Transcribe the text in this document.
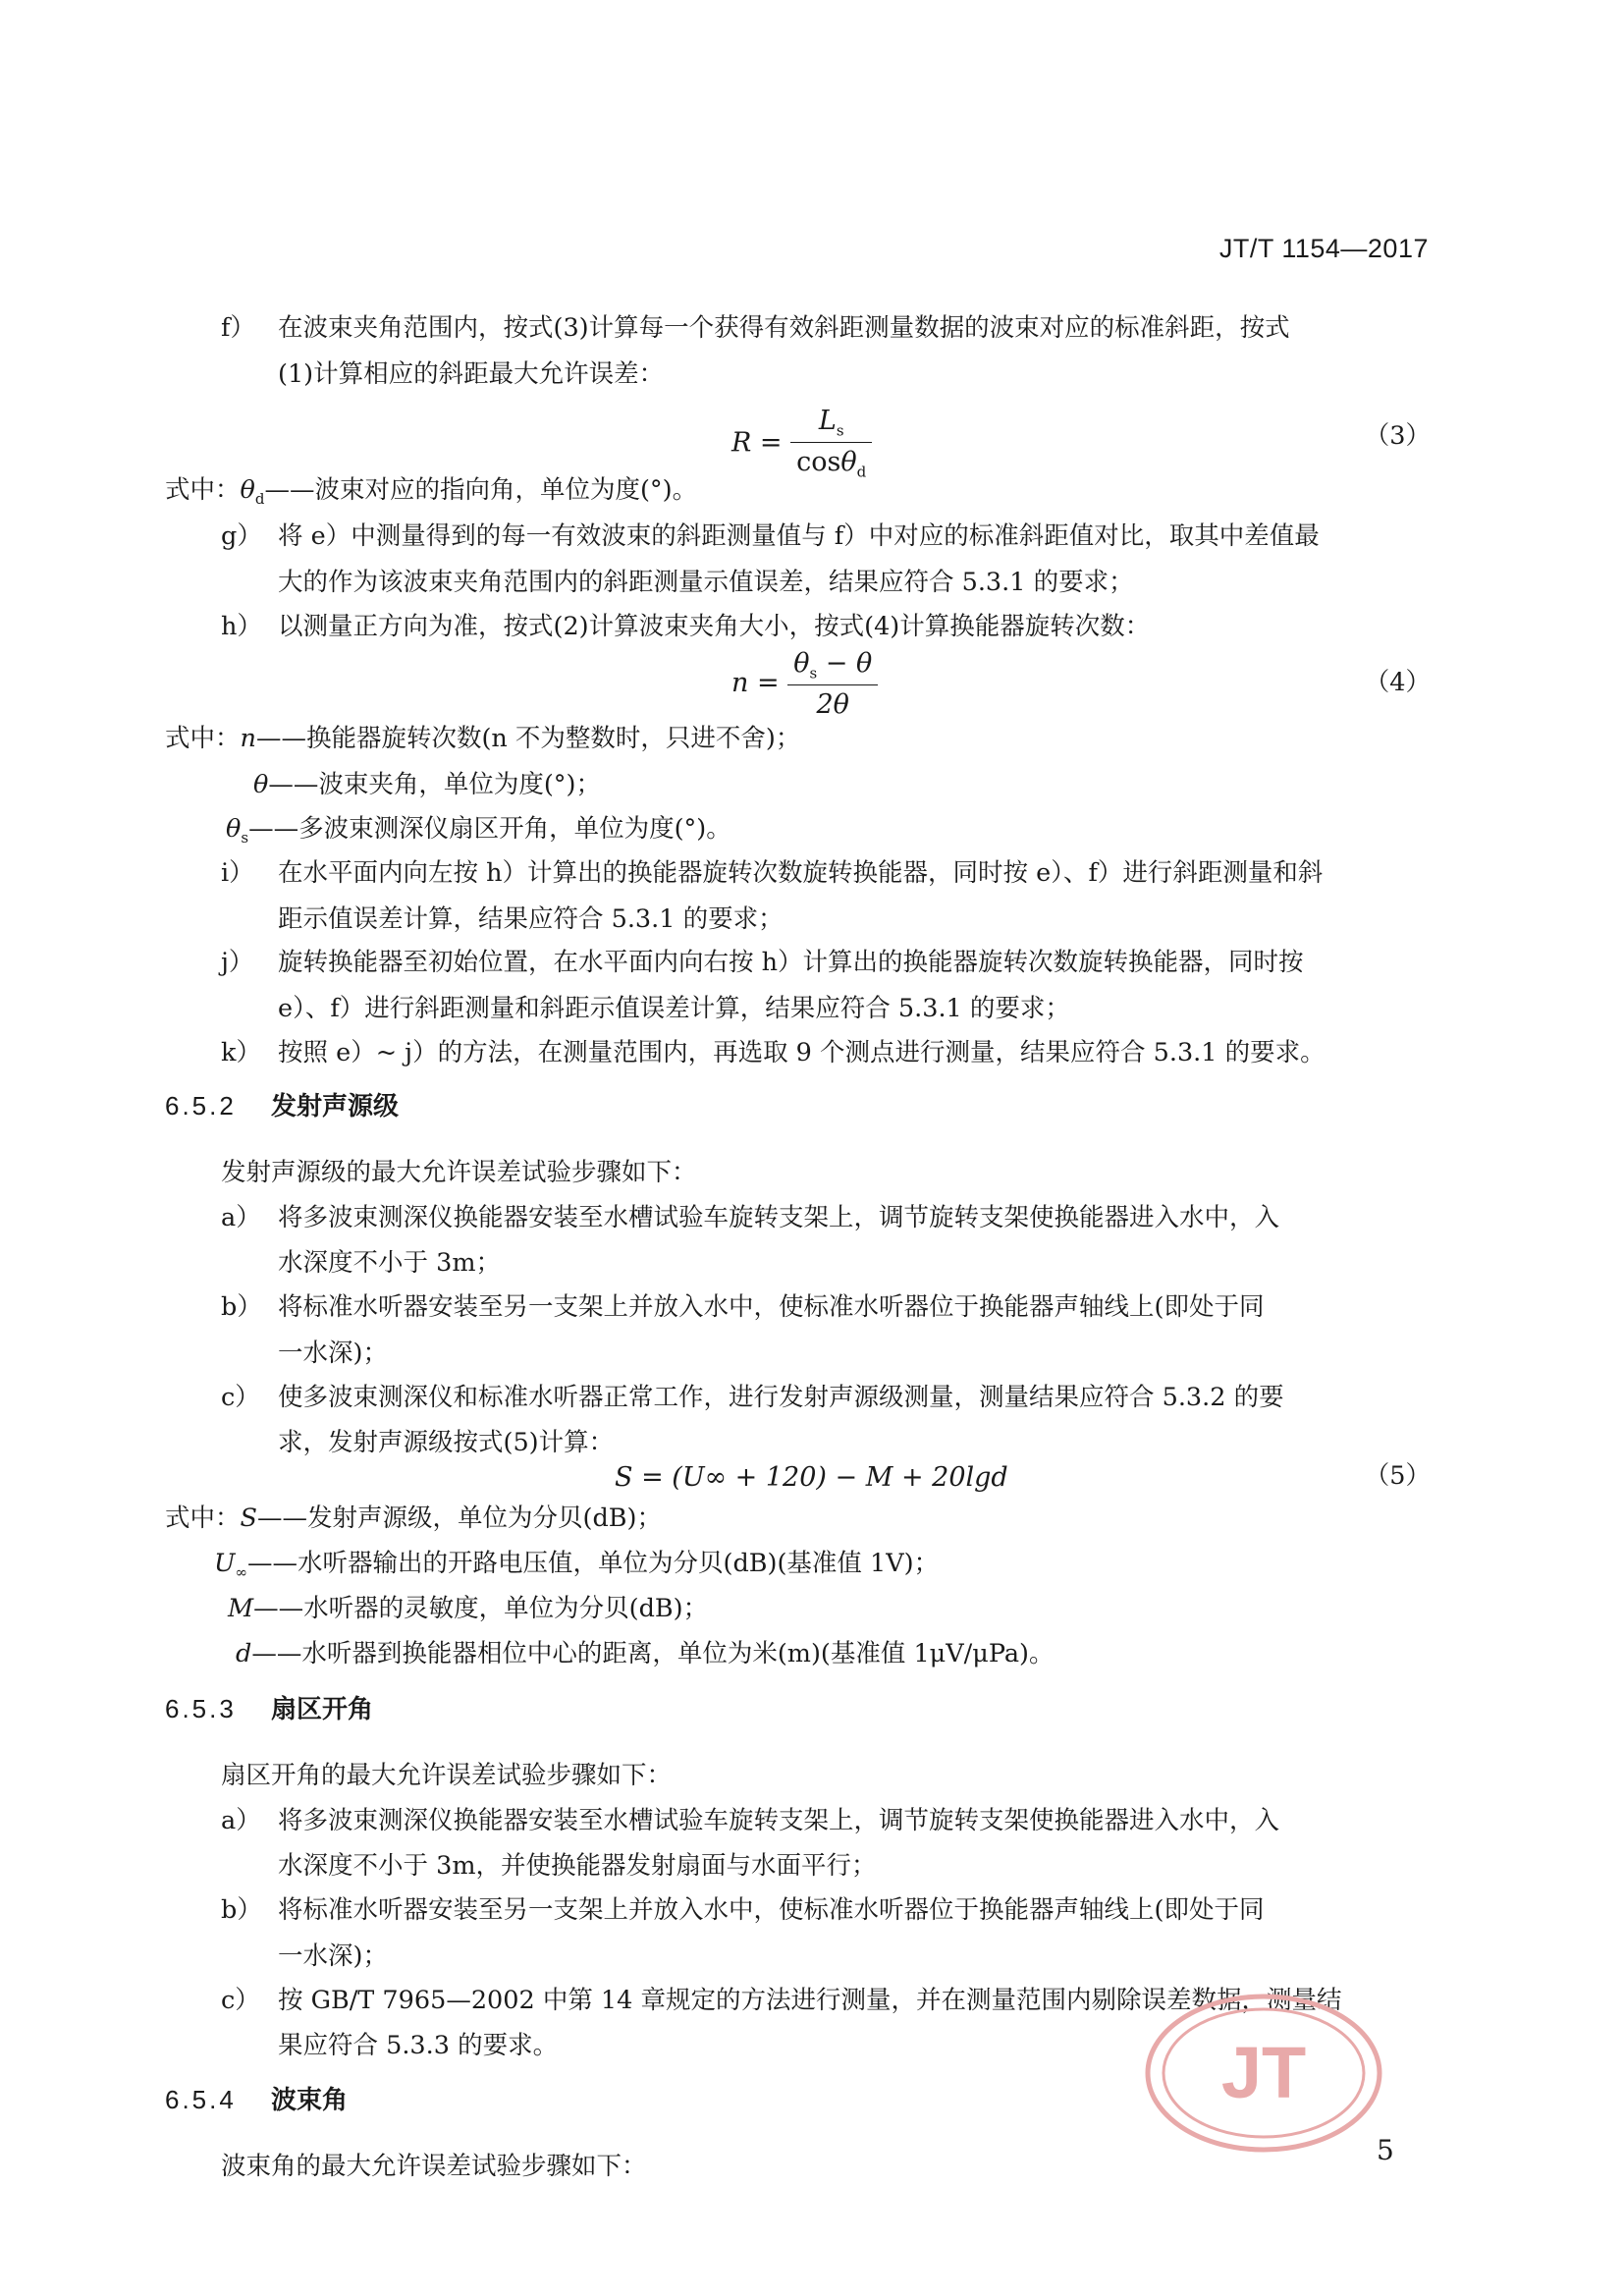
JT/T 1154—2017
f） 在波束夹角范围内，按式(3)计算每一个获得有效斜距测量数据的波束对应的标准斜距，按式
(1)计算相应的斜距最大允许误差：
$R = \frac{L_s}{\cos\theta_d}$	（3）
式中：$\theta_d——$波束对应的指向角，单位为度(°)。
g） 将 e）中测量得到的每一有效波束的斜距测量值与 f）中对应的标准斜距值对比，取其中差值最
大的作为该波束夹角范围内的斜距测量示值误差，结果应符合 5.3.1 的要求；
h） 以测量正方向为准，按式(2)计算波束夹角大小，按式(4)计算换能器旋转次数：
$n = \frac{\theta_s - \theta}{2\theta}$	（4）
式中：n——换能器旋转次数(n 不为整数时，只进不舍)；
θ——波束夹角，单位为度(°)；
$\theta_s——$多波束测深仪扇区开角，单位为度(°)。
i） 在水平面内向左按 h）计算出的换能器旋转次数旋转换能器，同时按 e）、f）进行斜距测量和斜
距示值误差计算，结果应符合 5.3.1 的要求；
j） 旋转换能器至初始位置，在水平面内向右按 h）计算出的换能器旋转次数旋转换能器，同时按
e）、f）进行斜距测量和斜距示值误差计算，结果应符合 5.3.1 的要求；
k） 按照 e）~ j）的方法，在测量范围内，再选取 9 个测点进行测量，结果应符合 5.3.1 的要求。
6.5.2 发射声源级
发射声源级的最大允许误差试验步骤如下：
a） 将多波束测深仪换能器安装至水槽试验车旋转支架上，调节旋转支架使换能器进入水中，入
水深度不小于 3m；
b） 将标准水听器安装至另一支架上并放入水中，使标准水听器位于换能器声轴线上(即处于同
一水深)；
c） 使多波束测深仪和标准水听器正常工作，进行发射声源级测量，测量结果应符合 5.3.2 的要
求，发射声源级按式(5)计算：
S = (U∞ + 120) − M + 20lgd	（5）
式中：S——发射声源级，单位为分贝(dB)；
$U_\infty——$水听器输出的开路电压值，单位为分贝(dB)(基准值 1V)；
M——水听器的灵敏度，单位为分贝(dB)；
d——水听器到换能器相位中心的距离，单位为米(m)(基准值 1μV/μPa)。
6.5.3 扇区开角
扇区开角的最大允许误差试验步骤如下：
a） 将多波束测深仪换能器安装至水槽试验车旋转支架上，调节旋转支架使换能器进入水中，入
水深度不小于 3m，并使换能器发射扇面与水面平行；
b） 将标准水听器安装至另一支架上并放入水中，使标准水听器位于换能器声轴线上(即处于同
一水深)；
c） 按 GB/T 7965—2002 中第 14 章规定的方法进行测量，并在测量范围内剔除误差数据，测量结
果应符合 5.3.3 的要求。
6.5.4 波束角
波束角的最大允许误差试验步骤如下：
JT
5
